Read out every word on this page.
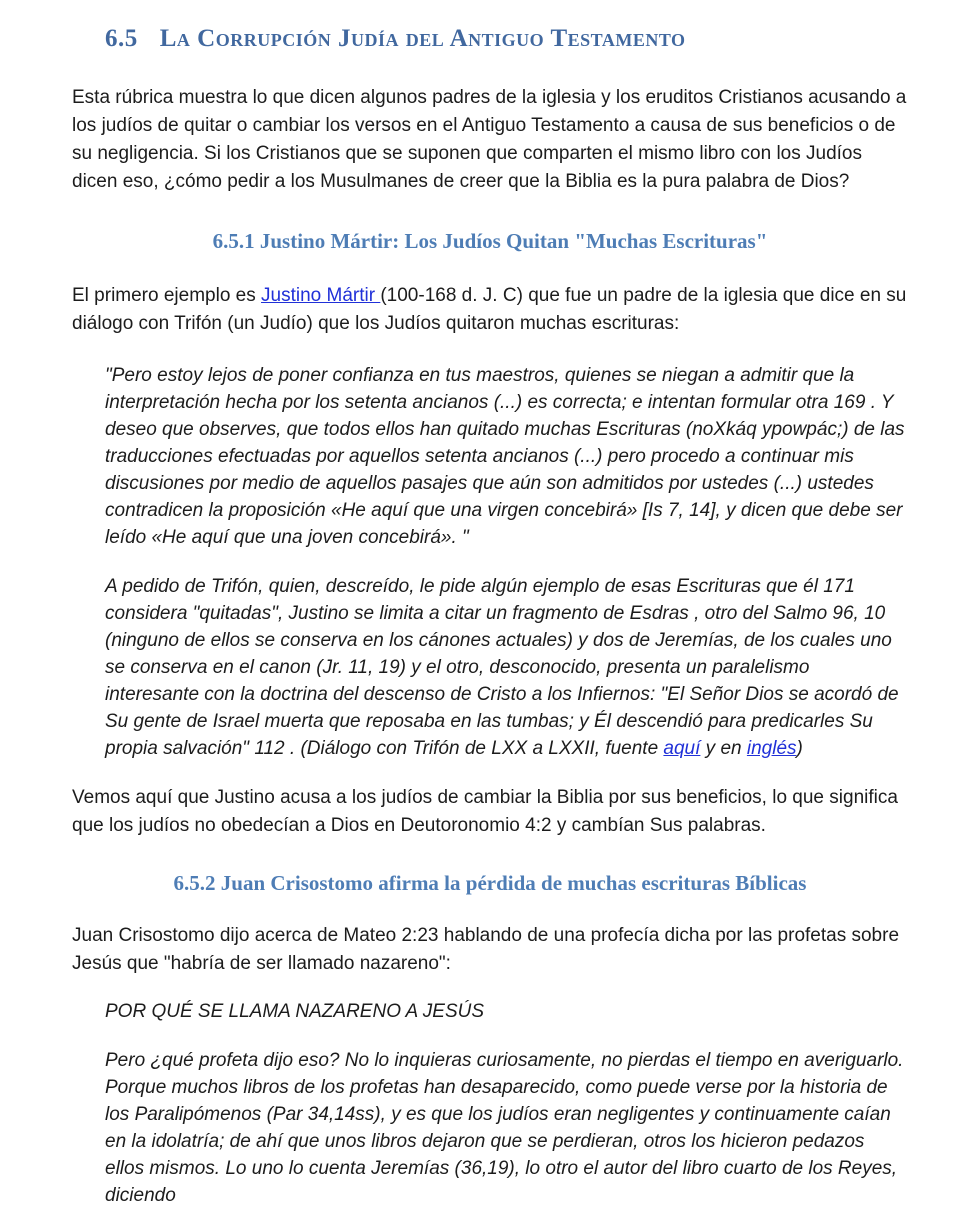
6.5 La Corrupción Judía del Antiguo Testamento

Esta rúbrica muestra lo que dicen algunos padres de la iglesia y los eruditos Cristianos acusando a los judíos de quitar o cambiar los versos en el Antiguo Testamento a causa de sus beneficios o de su negligencia. Si los Cristianos que se suponen que comparten el mismo libro con los Judíos dicen eso, ¿cómo pedir a los Musulmanes de creer que la Biblia es la pura palabra de Dios?

6.5.1 Justino Mártir: Los Judíos Quitan "Muchas Escrituras"

El primero ejemplo es Justino Mártir (100-168 d. J. C) que fue un padre de la iglesia que dice en su diálogo con Trifón (un Judío) que los Judíos quitaron muchas escrituras:

"Pero estoy lejos de poner confianza en tus maestros, quienes se niegan a admitir que la interpretación hecha por los setenta ancianos (...) es correcta; e intentan formular otra 169 . Y deseo que observes, que todos ellos han quitado muchas Escrituras (noXkáq ypowpác;) de las traducciones efectuadas por aquellos setenta ancianos (...) pero procedo a continuar mis discusiones por medio de aquellos pasajes que aún son admitidos por ustedes (...) ustedes contradicen la proposición «He aquí que una virgen concebirá» [Is 7, 14], y dicen que debe ser leído «He aquí que una joven concebirá». "

A pedido de Trifón, quien, descreído, le pide algún ejemplo de esas Escrituras que él 171 considera "quitadas", Justino se limita a citar un fragmento de Esdras , otro del Salmo 96, 10 (ninguno de ellos se conserva en los cánones actuales) y dos de Jeremías, de los cuales uno se conserva en el canon (Jr. 11, 19) y el otro, desconocido, presenta un paralelismo interesante con la doctrina del descenso de Cristo a los Infiernos: "El Señor Dios se acordó de Su gente de Israel muerta que reposaba en las tumbas; y Él descendió para predicarles Su propia salvación" 112 . (Diálogo con Trifón de LXX a LXXII, fuente aquí y en inglés)

Vemos aquí que Justino acusa a los judíos de cambiar la Biblia por sus beneficios, lo que significa que los judíos no obedecían a Dios en Deutoronomio 4:2 y cambían Sus palabras.

6.5.2 Juan Crisostomo afirma la pérdida de muchas escrituras Bíblicas

Juan Crisostomo dijo acerca de Mateo 2:23 hablando de una profecía dicha por las profetas sobre Jesús que "habría de ser llamado nazareno":

POR QUÉ SE LLAMA NAZARENO A JESÚS

Pero ¿qué profeta dijo eso? No lo inquieras curiosamente, no pierdas el tiempo en averiguarlo. Porque muchos libros de los profetas han desaparecido, como puede verse por la historia de los Paralipómenos (Par 34,14ss), y es que los judíos eran negligentes y continuamente caían en la idolatría; de ahí que unos libros dejaron que se perdieran, otros los hicieron pedazos ellos mismos. Lo uno lo cuenta Jeremías (36,19), lo otro el autor del libro cuarto de los Reyes, diciendo
